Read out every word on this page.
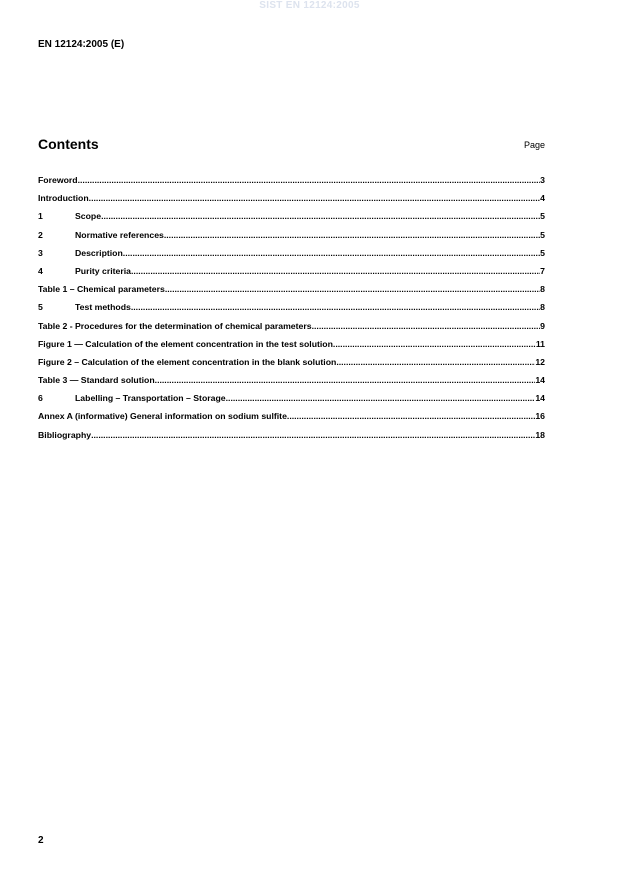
SIST EN 12124:2005
EN 12124:2005 (E)
Contents	Page
Foreword .....	3
Introduction .....	4
1	Scope .....	5
2	Normative references .....	5
3	Description .....	5
4	Purity criteria .....	7
Table 1 – Chemical parameters .....	8
5	Test methods .....	8
Table 2 - Procedures for the determination of chemical parameters .....	9
Figure 1 — Calculation of the element concentration in the test solution .....	11
Figure 2 – Calculation of the element concentration in the blank solution .....	12
Table 3 — Standard solution .....	14
6	Labelling – Transportation – Storage .....	14
Annex A (informative) General information on sodium sulfite .....	16
Bibliography .....	18
2
